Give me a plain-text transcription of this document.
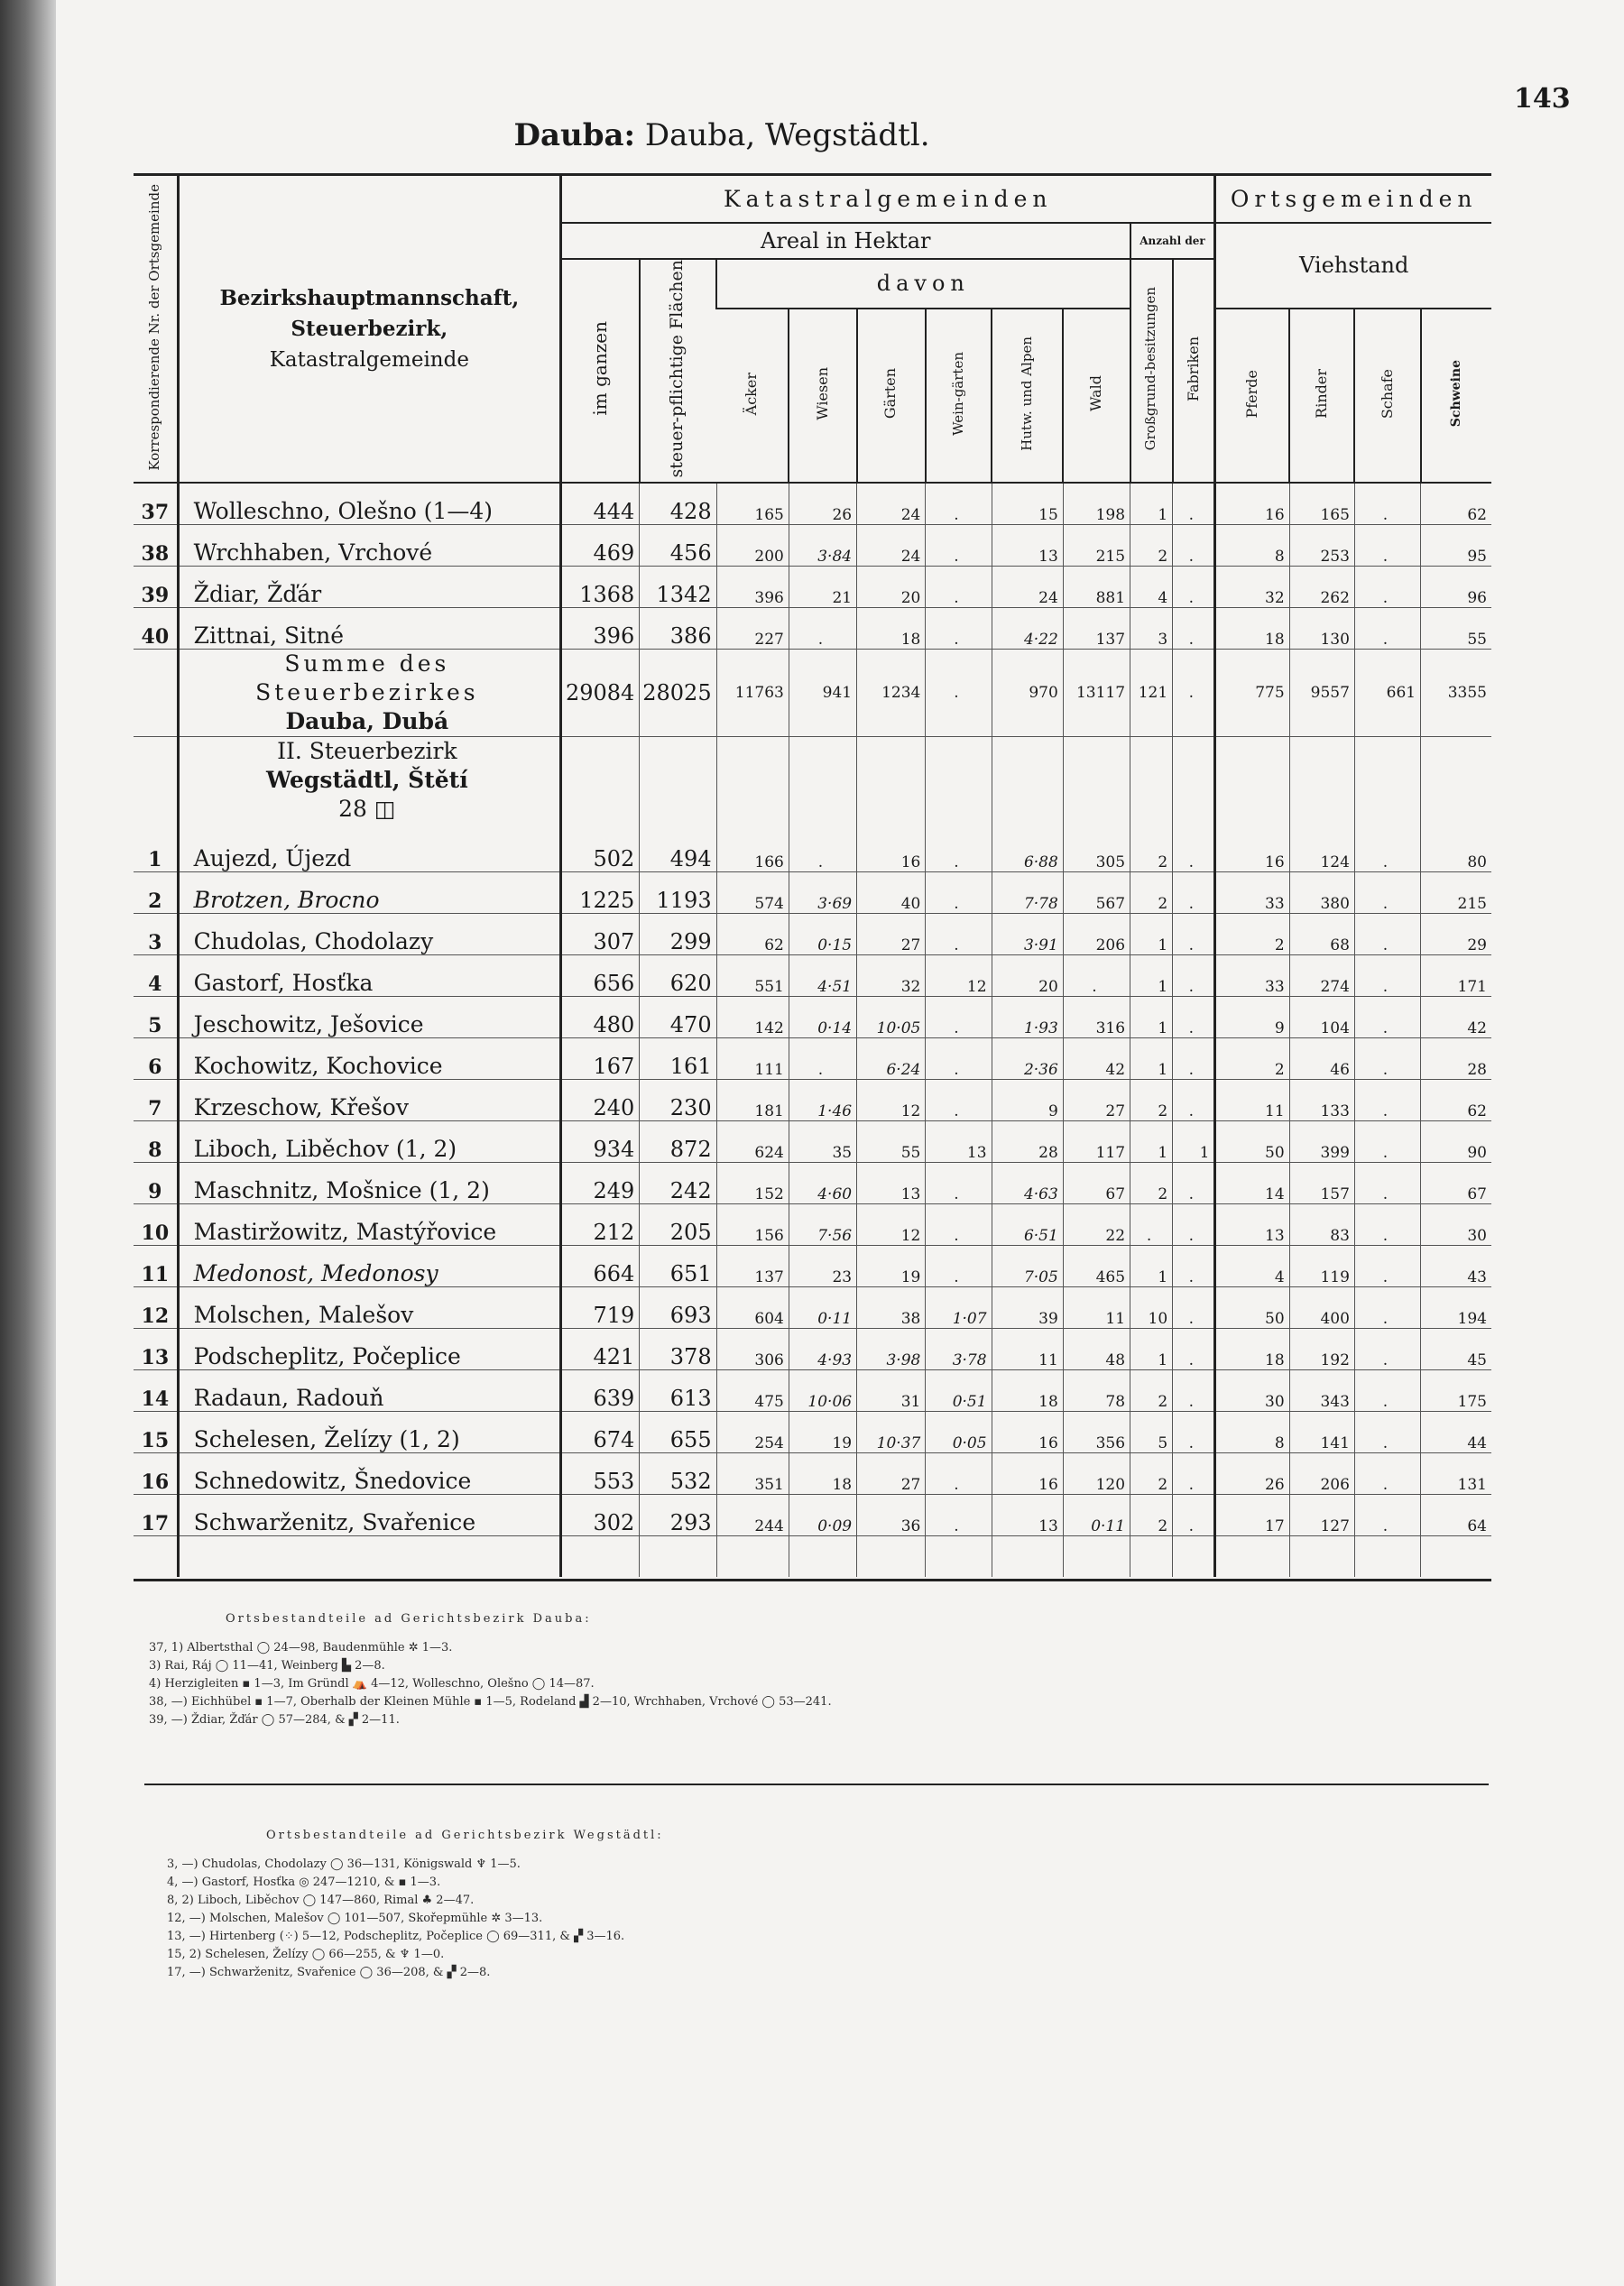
143
Dauba: Dauba, Wegstädtl.
Korrespondierende Nr. der Ortsgemeinde	Bezirkshauptmannschaft,
Steuerbezirk,
Katastralgemeinde	Katastralgemeinden										Ortsgemeinden			
		Areal in Hektar								Anzahl der		Viehstand			
		im ganzen	steuer-pflichtige Flächen	davon						Großgrund-besitzungen	Fabriken				
				Äcker	Wiesen	Gärten	Wein-gärten	Hutw. und Alpen	Wald			Pferde	Rinder	Schafe	Schweine
37	Wolleschno, Olešno (1—4)	444	428	165	26	24	.	15	198	1	.	16	165	.	62
38	Wrchhaben, Vrchové	469	456	200	3·84	24	.	13	215	2	.	8	253	.	95
39	Ždiar, Žďár	1368	1342	396	21	20	.	24	881	4	.	32	262	.	96
40	Zittnai, Sitné	396	386	227	.	18	.	4·22	137	3	.	18	130	.	55

	Summe des Steuerbezirkes
Dauba, Dubá	29084	28025	11763	941	1234	.	970	13117	121	.	775	9557	661	3355

	II. Steuerbezirk
Wegstädtl, Štětí
28 ◫														

1	Aujezd, Újezd	502	494	166	.	16	.	6·88	305	2	.	16	124	.	80
2	Brotzen, Brocno	1225	1193	574	3·69	40	.	7·78	567	2	.	33	380	.	215
3	Chudolas, Chodolazy	307	299	62	0·15	27	.	3·91	206	1	.	2	68	.	29
4	Gastorf, Hosťka	656	620	551	4·51	32	12	20	.	1	.	33	274	.	171
5	Jeschowitz, Ješovice	480	470	142	0·14	10·05	.	1·93	316	1	.	9	104	.	42
6	Kochowitz, Kochovice	167	161	111	.	6·24	.	2·36	42	1	.	2	46	.	28
7	Krzeschow, Křešov	240	230	181	1·46	12	.	9	27	2	.	11	133	.	62
8	Liboch, Liběchov (1, 2)	934	872	624	35	55	13	28	117	1	1	50	399	.	90
9	Maschnitz, Mošnice (1, 2)	249	242	152	4·60	13	.	4·63	67	2	.	14	157	.	67
10	Mastiržowitz, Mastýřovice	212	205	156	7·56	12	.	6·51	22	.	.	13	83	.	30
11	Medonost, Medonosy	664	651	137	23	19	.	7·05	465	1	.	4	119	.	43
12	Molschen, Malešov	719	693	604	0·11	38	1·07	39	11	10	.	50	400	.	194
13	Podscheplitz, Počeplice	421	378	306	4·93	3·98	3·78	11	48	1	.	18	192	.	45
14	Radaun, Radouň	639	613	475	10·06	31	0·51	18	78	2	.	30	343	.	175
15	Schelesen, Želízy (1, 2)	674	655	254	19	10·37	0·05	16	356	5	.	8	141	.	44
16	Schnedowitz, Šnedovice	553	532	351	18	27	.	16	120	2	.	26	206	.	131
17	Schwarženitz, Svařenice	302	293	244	0·09	36	.	13	0·11	2	.	17	127	.	64

Ortsbestandteile ad Gerichtsbezirk Dauba:
37, 1) Albertsthal ◯ 24—98, Baudenmühle ✲ 1—3.
3) Rai, Ráj ◯ 11—41, Weinberg ▙ 2—8.
4) Herzigleiten ▪ 1—3, Im Gründl ⛺ 4—12, Wolleschno, Olešno ◯ 14—87.
38, —) Eichhübel ▪ 1—7, Oberhalb der Kleinen Mühle ▪ 1—5, Rodeland ▟ 2—10, Wrchhaben, Vrchové ◯ 53—241.
39, —) Ždiar, Žďár ◯ 57—284, & ▞ 2—11.
Ortsbestandteile ad Gerichtsbezirk Wegstädtl:
3, —) Chudolas, Chodolazy ◯ 36—131, Königswald ♆ 1—5.
4, —) Gastorf, Hosťka ◎ 247—1210, & ▪ 1—3.
8, 2) Liboch, Liběchov ◯ 147—860, Rimal ♣ 2—47.
12, —) Molschen, Malešov ◯ 101—507, Skořepmühle ✲ 3—13.
13, —) Hirtenberg (⁘) 5—12, Podscheplitz, Počeplice ◯ 69—311, & ▞ 3—16.
15, 2) Schelesen, Želízy ◯ 66—255, & ♆ 1—0.
17, —) Schwarženitz, Svařenice ◯ 36—208, & ▞ 2—8.
